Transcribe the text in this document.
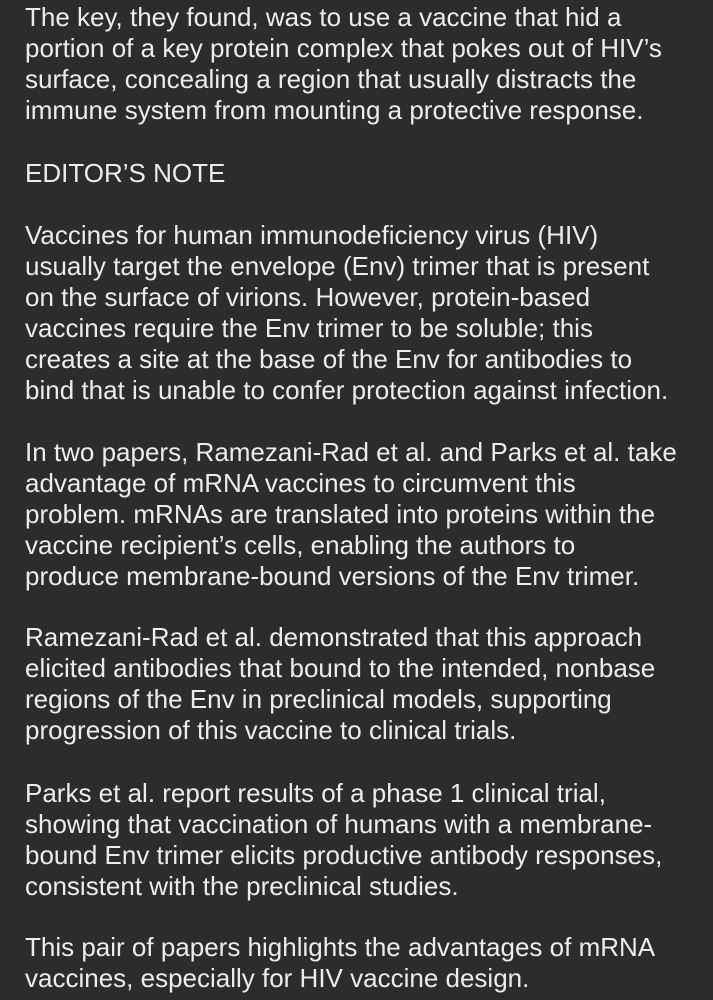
The key, they found, was to use a vaccine that hid a
portion of a key protein complex that pokes out of HIV’s
surface, concealing a region that usually distracts the
immune system from mounting a protective response.

EDITOR’S NOTE

Vaccines for human immunodeficiency virus (HIV)
usually target the envelope (Env) trimer that is present
on the surface of virions. However, protein-based
vaccines require the Env trimer to be soluble; this
creates a site at the base of the Env for antibodies to
bind that is unable to confer protection against infection.

In two papers, Ramezani-Rad et al. and Parks et al. take
advantage of mRNA vaccines to circumvent this
problem. mRNAs are translated into proteins within the
vaccine recipient’s cells, enabling the authors to
produce membrane-bound versions of the Env trimer.

Ramezani-Rad et al. demonstrated that this approach
elicited antibodies that bound to the intended, nonbase
regions of the Env in preclinical models, supporting
progression of this vaccine to clinical trials.

Parks et al. report results of a phase 1 clinical trial,
showing that vaccination of humans with a membrane-
bound Env trimer elicits productive antibody responses,
consistent with the preclinical studies.

This pair of papers highlights the advantages of mRNA
vaccines, especially for HIV vaccine design.
